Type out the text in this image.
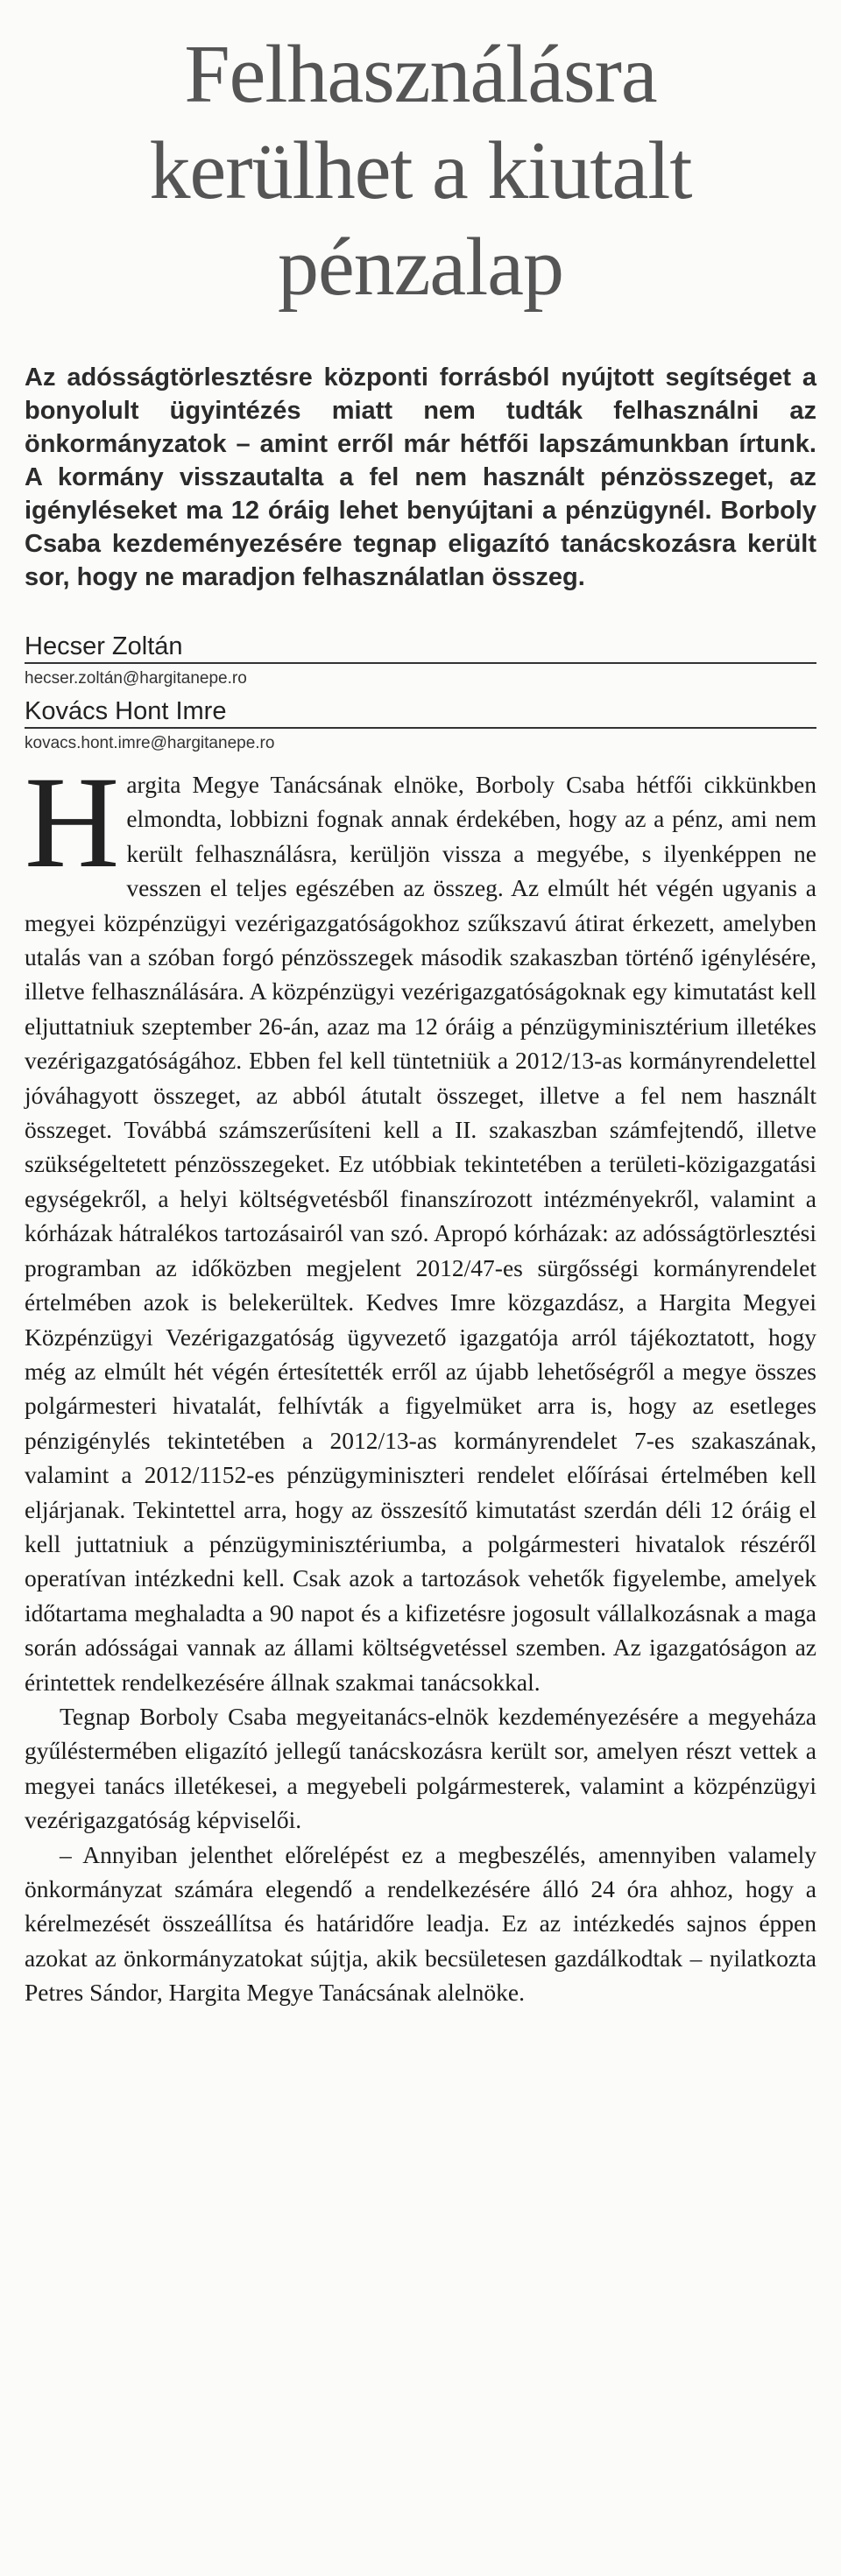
Felhasználásra
kerülhet a kiutalt
pénzalap
Az adósságtörlesztésre központi forrásból nyújtott segítséget a bonyolult ügyintézés miatt nem tudták felhasználni az önkormányzatok – amint erről már hétfői lapszámunkban írtunk. A kormány visszautalta a fel nem használt pénzösszeget, az igényléseket ma 12 óráig lehet benyújtani a pénzügynél. Borboly Csaba kezdeményezésére tegnap eligazító tanácskozásra került sor, hogy ne maradjon felhasználatlan összeg.
Hecser Zoltán
hecser.zoltán@hargitanepe.ro
Kovács Hont Imre
kovacs.hont.imre@hargitanepe.ro

Hargita Megye Tanácsának elnöke, Borboly Csaba hétfői cikkünkben elmondta, lobbizni fognak annak érdekében, hogy az a pénz, ami nem került felhasználásra, kerüljön vissza a megyébe, s ilyenképpen ne vesszen el teljes egészében az összeg. Az elmúlt hét végén ugyanis a megyei közpénzügyi vezérigazgatóságokhoz szűkszavú átirat érkezett, amelyben utalás van a szóban forgó pénzösszegek második szakaszban történő igénylésére, illetve felhasználására. A közpénzügyi vezérigazgatóságoknak egy kimutatást kell eljuttatniuk szeptember 26-án, azaz ma 12 óráig a pénzügyminisztérium illetékes vezérigazgatóságához. Ebben fel kell tüntetniük a 2012/13-as kormányrendelettel jóváhagyott összeget, az abból átutalt összeget, illetve a fel nem használt összeget. Továbbá számszerűsíteni kell a II. szakaszban számfejtendő, illetve szükségeltetett pénzösszegeket. Ez utóbbiak tekintetében a területi-közigazgatási egységekről, a helyi költségvetésből finanszírozott intézményekről, valamint a kórházak hátralékos tartozásairól van szó. Apropó kórházak: az adósságtörlesztési programban az időközben megjelent 2012/47-es sürgősségi kormányrendelet értelmében azok is belekerültek. Kedves Imre közgazdász, a Hargita Megyei Közpénzügyi Vezérigazgatóság ügyvezető igazgatója arról tájékoztatott, hogy még az elmúlt hét végén értesítették erről az újabb lehetőségről a megye összes polgármesteri hivatalát, felhívták a figyelmüket arra is, hogy az esetleges pénzigénylés tekintetében a 2012/13-as kormányrendelet 7-es szakaszának, valamint a 2012/1152-es pénzügyminiszteri rendelet előírásai értelmében kell eljárjanak. Tekintettel arra, hogy az összesítő kimutatást szerdán déli 12 óráig el kell juttatniuk a pénzügyminisztériumba, a polgármesteri hivatalok részéről operatívan intézkedni kell. Csak azok a tartozások vehetők figyelembe, amelyek időtartama meghaladta a 90 napot és a kifizetésre jogosult vállalkozásnak a maga során adósságai vannak az állami költségvetéssel szemben. Az igazgatóságon az érintettek rendelkezésére állnak szakmai tanácsokkal.

Tegnap Borboly Csaba megyeitanács-elnök kezdeményezésére a megyeháza gyűléstermében eligazító jellegű tanácskozásra került sor, amelyen részt vettek a megyei tanács illetékesei, a megyebeli polgármesterek, valamint a közpénzügyi vezérigazgatóság képviselői.

– Annyiban jelenthet előrelépést ez a megbeszélés, amennyiben valamely önkormányzat számára elegendő a rendelkezésére álló 24 óra ahhoz, hogy a kérelmezését összeállítsa és határidőre leadja. Ez az intézkedés sajnos éppen azokat az önkormányzatokat sújtja, akik becsületesen gazdálkodtak – nyilatkozta Petres Sándor, Hargita Megye Tanácsának alelnöke.
